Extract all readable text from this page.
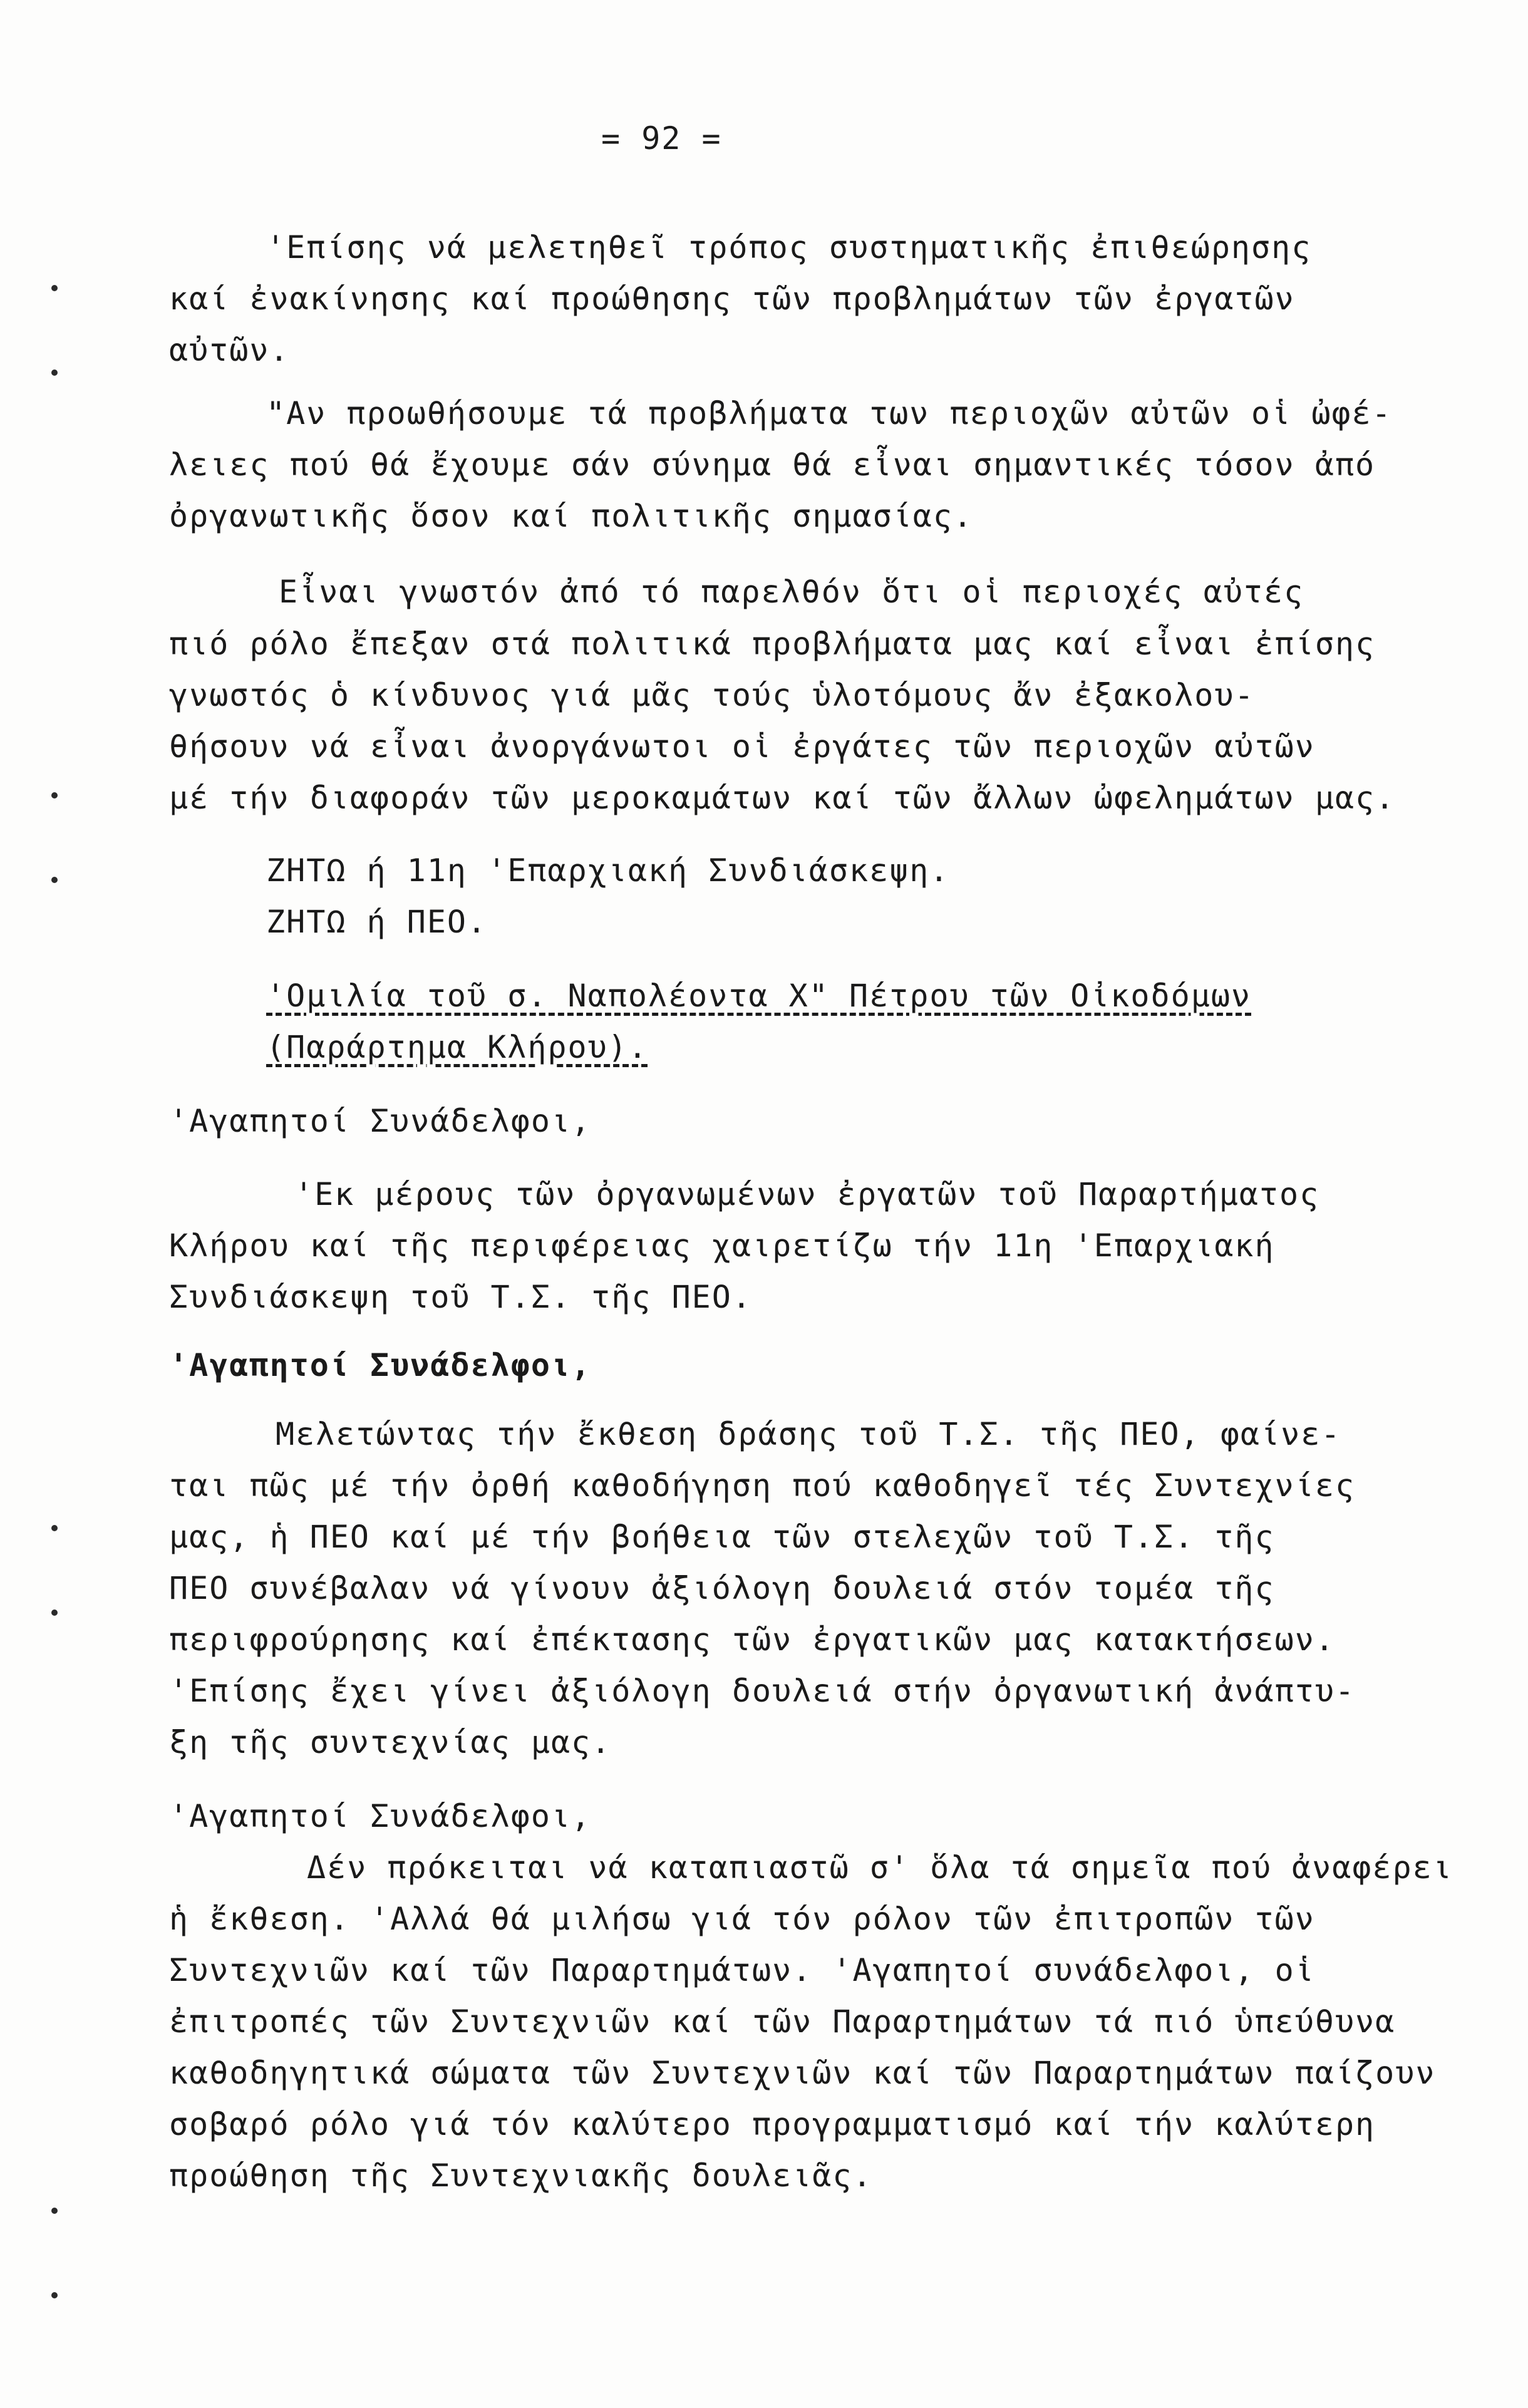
= 92 =
'Επίσης νά μελετηθεῖ τρόπος συστηματικῆς ἐπιθεώρησης
καί ἐνακίνησης καί προώθησης τῶν προβλημάτων τῶν ἐργατῶν
αὐτῶν.
"Αν προωθήσουμε τά προβλήματα των περιοχῶν αὐτῶν οἱ ὠφέ-
λειες πού θά ἔχουμε σάν σύνημα θά εἶναι σημαντικές τόσον ἀπό
ὀργανωτικῆς ὅσον καί πολιτικῆς σημασίας.
Εἶναι γνωστόν ἀπό τό παρελθόν ὅτι οἱ περιοχές αὐτές
πιό ρόλο ἔπεξαν στά πολιτικά προβλήματα μας καί εἶναι ἐπίσης
γνωστός ὁ κίνδυνος γιά μᾶς τούς ὑλοτόμους ἄν ἐξακολου-
θήσουν νά εἶναι ἀνοργάνωτοι οἱ ἐργάτες τῶν περιοχῶν αὐτῶν
μέ τήν διαφοράν τῶν μεροκαμάτων καί τῶν ἄλλων ὠφελημάτων μας.
ΖΗΤΩ ή 11η 'Επαρχιακή Συνδιάσκεψη.
ΖΗΤΩ ή ΠΕΟ.
'Ομιλία τοῦ σ. Ναπολέοντα Χ" Πέτρου τῶν Οἰκοδόμων
(Παράρτημα Κλήρου).
'Αγαπητοί Συνάδελφοι,
'Εκ μέρους τῶν ὀργανωμένων ἐργατῶν τοῦ Παραρτήματος
Κλήρου καί τῆς περιφέρειας χαιρετίζω τήν 11η 'Επαρχιακή
Συνδιάσκεψη τοῦ Τ.Σ. τῆς ΠΕΟ.
'Αγαπητοί Συνάδελφοι,
Μελετώντας τήν ἔκθεση δράσης τοῦ Τ.Σ. τῆς ΠΕΟ, φαίνε-
ται πῶς μέ τήν ὀρθή καθοδήγηση πού καθοδηγεῖ τές Συντεχνίες
μας, ἡ ΠΕΟ καί μέ τήν βοήθεια τῶν στελεχῶν τοῦ Τ.Σ. τῆς
ΠΕΟ συνέβαλαν νά γίνουν ἀξιόλογη δουλειά στόν τομέα τῆς
περιφρούρησης καί ἐπέκτασης τῶν ἐργατικῶν μας κατακτήσεων.
'Επίσης ἔχει γίνει ἀξιόλογη δουλειά στήν ὀργανωτική ἀνάπτυ-
ξη τῆς συντεχνίας μας.
'Αγαπητοί Συνάδελφοι,
Δέν πρόκειται νά καταπιαστῶ σ' ὅλα τά σημεῖα πού ἀναφέρει
ἡ ἔκθεση. 'Αλλά θά μιλήσω γιά τόν ρόλον τῶν ἐπιτροπῶν τῶν
Συντεχνιῶν καί τῶν Παραρτημάτων. 'Αγαπητοί συνάδελφοι, οἱ
ἐπιτροπές τῶν Συντεχνιῶν καί τῶν Παραρτημάτων τά πιό ὑπεύθυνα
καθοδηγητικά σώματα τῶν Συντεχνιῶν καί τῶν Παραρτημάτων παίζουν
σοβαρό ρόλο γιά τόν καλύτερο προγραμματισμό καί τήν καλύτερη
προώθηση τῆς Συντεχνιακῆς δουλειᾶς.
